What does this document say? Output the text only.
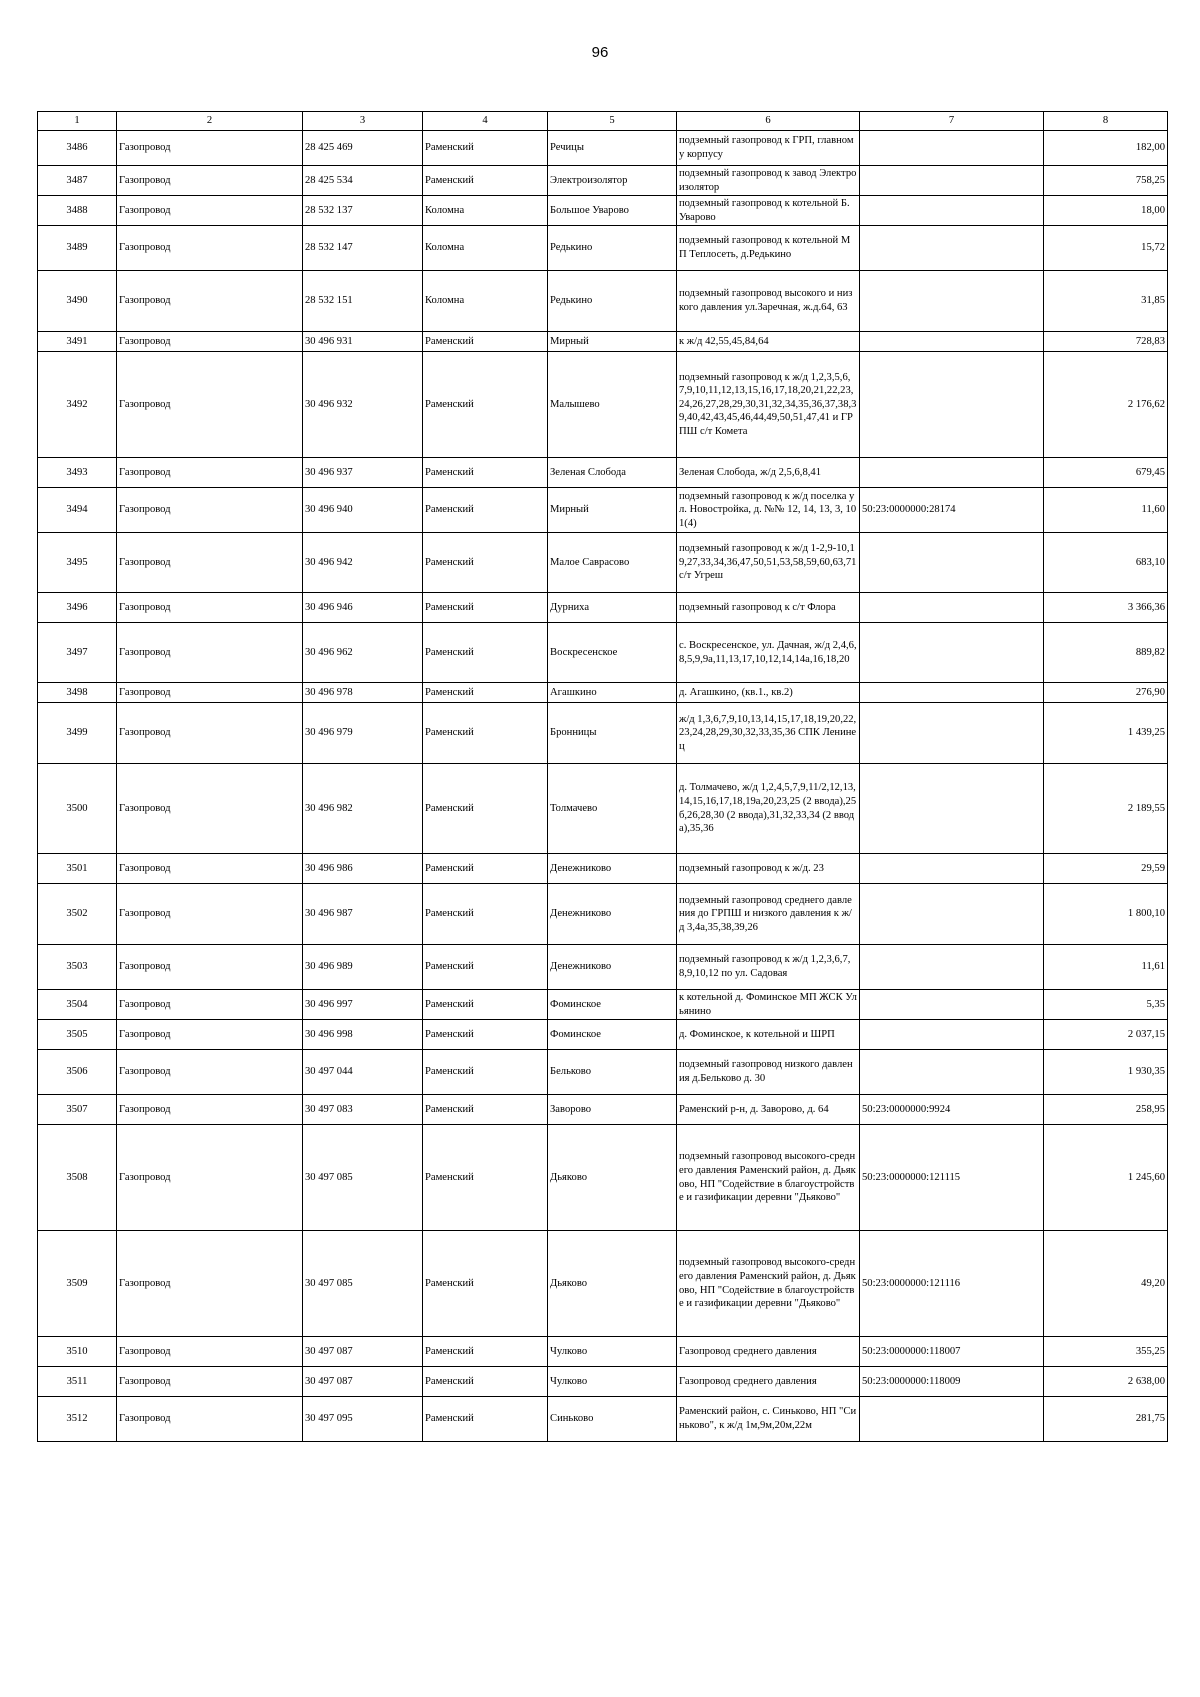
96
1	2	3	4	5	6	7	8
3486	Газопровод	28 425 469	Раменский	Речицы	подземный газопровод к ГРП, главному корпусу		182,00
3487	Газопровод	28 425 534	Раменский	Электроизолятор	подземный газопровод к завод Электроизолятор		758,25
3488	Газопровод	28 532 137	Коломна	Большое Уварово	подземный газопровод к котельной Б.Уварово		18,00
3489	Газопровод	28 532 147	Коломна	Редькино	подземный газопровод к котельной МП Теплосеть, д.Редькино		15,72
3490	Газопровод	28 532 151	Коломна	Редькино	подземный газопровод высокого и низкого давления ул.Заречная, ж.д.64, 63		31,85
3491	Газопровод	30 496 931	Раменский	Мирный	к ж/д 42,55,45,84,64		728,83
3492	Газопровод	30 496 932	Раменский	Малышево	подземный газопровод к ж/д 1,2,3,5,6,7,9,10,11,12,13,15,16,17,18,20,21,22,23,24,26,27,28,29,30,31,32,34,35,36,37,38,39,40,42,43,45,46,44,49,50,51,47,41 и ГРПШ с/т Комета		2 176,62
3493	Газопровод	30 496 937	Раменский	Зеленая Слобода	Зеленая Слобода, ж/д 2,5,6,8,41		679,45
3494	Газопровод	30 496 940	Раменский	Мирный	подземный газопровод к ж/д поселка ул. Новостройка, д. №№ 12, 14, 13, 3, 101(4)	50:23:0000000:28174	11,60
3495	Газопровод	30 496 942	Раменский	Малое Саврасово	подземный газопровод к ж/д 1-2,9-10,19,27,33,34,36,47,50,51,53,58,59,60,63,71 с/т Угреш		683,10
3496	Газопровод	30 496 946	Раменский	Дурниха	подземный газопровод к с/т Флора		3 366,36
3497	Газопровод	30 496 962	Раменский	Воскресенское	с. Воскресенское, ул. Дачная, ж/д 2,4,6,8,5,9,9а,11,13,17,10,12,14,14а,16,18,20		889,82
3498	Газопровод	30 496 978	Раменский	Агашкино	д. Агашкино, (кв.1., кв.2)		276,90
3499	Газопровод	30 496 979	Раменский	Бронницы	ж/д 1,3,6,7,9,10,13,14,15,17,18,19,20,22,23,24,28,29,30,32,33,35,36 СПК Ленинец		1 439,25
3500	Газопровод	30 496 982	Раменский	Толмачево	д. Толмачево, ж/д 1,2,4,5,7,9,11/2,12,13,14,15,16,17,18,19а,20,23,25 (2 ввода),25б,26,28,30 (2 ввода),31,32,33,34 (2 ввода),35,36		2 189,55
3501	Газопровод	30 496 986	Раменский	Денежниково	подземный газопровод к ж/д. 23		29,59
3502	Газопровод	30 496 987	Раменский	Денежниково	подземный газопровод среднего давления до ГРПШ и низкого давления к ж/д 3,4а,35,38,39,26		1 800,10
3503	Газопровод	30 496 989	Раменский	Денежниково	подземный газопровод к ж/д 1,2,3,6,7,8,9,10,12 по ул. Садовая		11,61
3504	Газопровод	30 496 997	Раменский	Фоминское	к котельной д. Фоминское МП ЖСК Ульянино		5,35
3505	Газопровод	30 496 998	Раменский	Фоминское	д. Фоминское, к котельной и ШРП		2 037,15
3506	Газопровод	30 497 044	Раменский	Бельково	подземный газопровод низкого давления д.Бельково д. 30		1 930,35
3507	Газопровод	30 497 083	Раменский	Заворово	Раменский р-н, д. Заворово, д. 64	50:23:0000000:9924	258,95
3508	Газопровод	30 497 085	Раменский	Дьяково	подземный газопровод высокого-среднего давления Раменский район, д. Дьяково, НП "Содействие в благоустройстве и газификации деревни "Дьяково"	50:23:0000000:121115	1 245,60
3509	Газопровод	30 497 085	Раменский	Дьяково	подземный газопровод высокого-среднего давления Раменский район, д. Дьяково, НП "Содействие в благоустройстве и газификации деревни "Дьяково"	50:23:0000000:121116	49,20
3510	Газопровод	30 497 087	Раменский	Чулково	Газопровод среднего давления	50:23:0000000:118007	355,25
3511	Газопровод	30 497 087	Раменский	Чулково	Газопровод среднего давления	50:23:0000000:118009	2 638,00
3512	Газопровод	30 497 095	Раменский	Синьково	Раменский район, с. Синьково, НП "Синьково", к ж/д 1м,9м,20м,22м		281,75
